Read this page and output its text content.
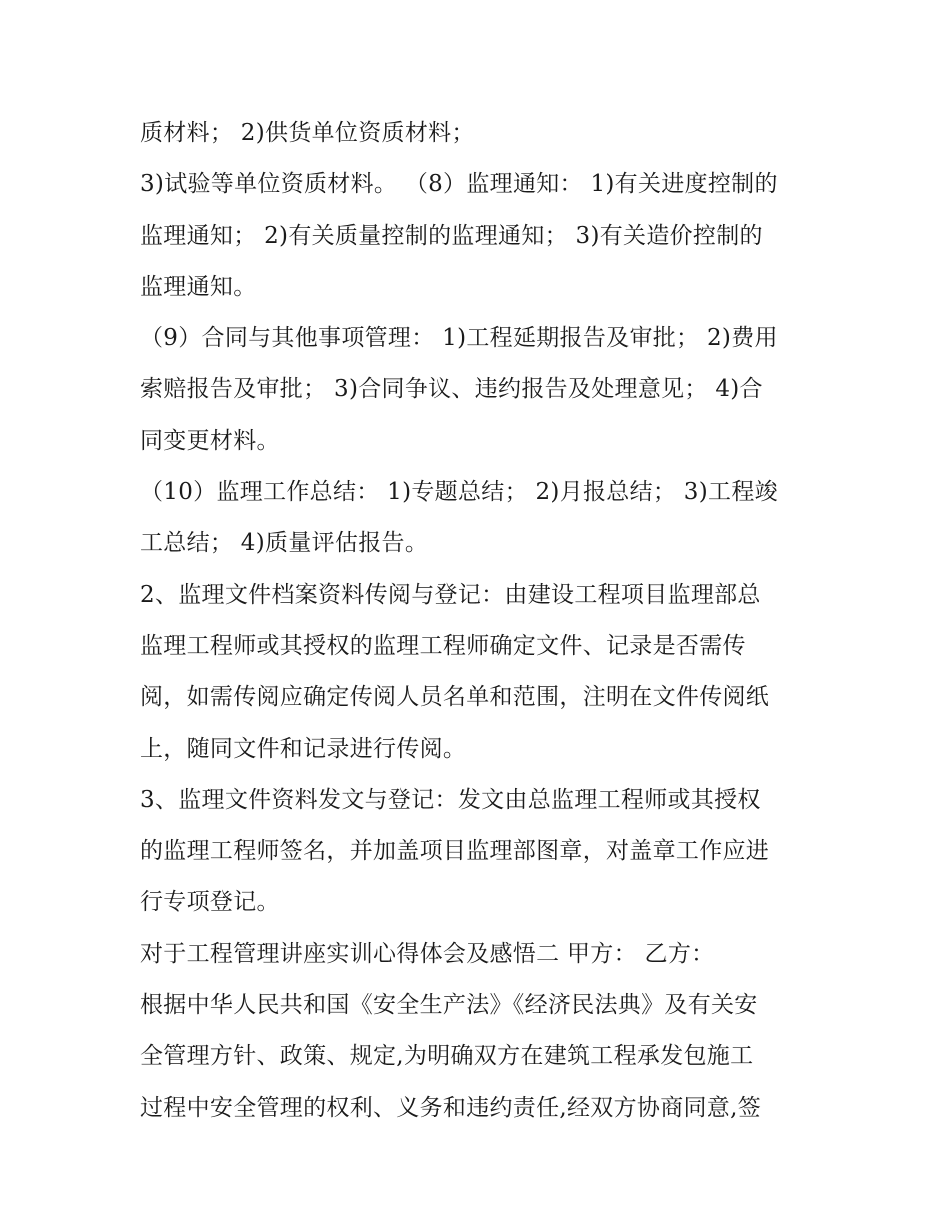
质材料； 2)供货单位资质材料；
3)试验等单位资质材料。 （8）监理通知： 1)有关进度控制的
监理通知； 2)有关质量控制的监理通知； 3)有关造价控制的
监理通知。
（9）合同与其他事项管理： 1)工程延期报告及审批； 2)费用
索赔报告及审批； 3)合同争议、违约报告及处理意见； 4)合
同变更材料。
（10）监理工作总结： 1)专题总结； 2)月报总结； 3)工程竣
工总结； 4)质量评估报告。
2、监理文件档案资料传阅与登记：由建设工程项目监理部总
监理工程师或其授权的监理工程师确定文件、记录是否需传
阅，如需传阅应确定传阅人员名单和范围，注明在文件传阅纸
上，随同文件和记录进行传阅。
3、监理文件资料发文与登记：发文由总监理工程师或其授权
的监理工程师签名，并加盖项目监理部图章，对盖章工作应进
行专项登记。
对于工程管理讲座实训心得体会及感悟二 甲方： 乙方：
根据中华人民共和国《安全生产法》《经济民法典》及有关安
全管理方针、政策、规定,为明确双方在建筑工程承发包施工
过程中安全管理的权利、义务和违约责任,经双方协商同意,签
